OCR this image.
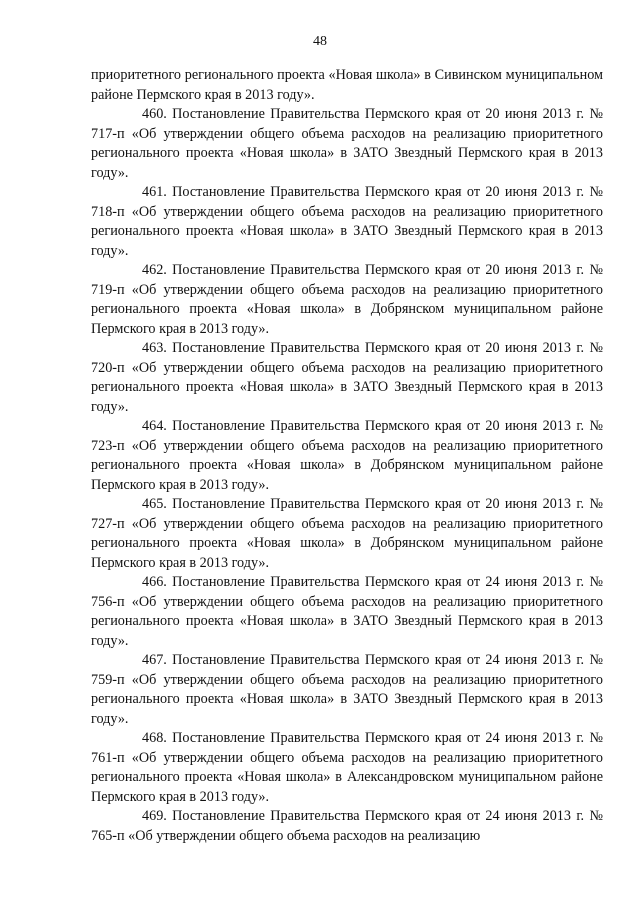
48

приоритетного регионального проекта «Новая школа» в Сивинском муниципальном районе Пермского края в 2013 году».

460. Постановление Правительства Пермского края от 20 июня 2013 г. № 717-п «Об утверждении общего объема расходов на реализацию приоритетного регионального проекта «Новая школа» в ЗАТО Звездный Пермского края в 2013 году».

461. Постановление Правительства Пермского края от 20 июня 2013 г. № 718-п «Об утверждении общего объема расходов на реализацию приоритетного регионального проекта «Новая школа» в ЗАТО Звездный Пермского края в 2013 году».

462. Постановление Правительства Пермского края от 20 июня 2013 г. № 719-п «Об утверждении общего объема расходов на реализацию приоритетного регионального проекта «Новая школа» в Добрянском муниципальном районе Пермского края в 2013 году».

463. Постановление Правительства Пермского края от 20 июня 2013 г. № 720-п «Об утверждении общего объема расходов на реализацию приоритетного регионального проекта «Новая школа» в ЗАТО Звездный Пермского края в 2013 году».

464. Постановление Правительства Пермского края от 20 июня 2013 г. № 723-п «Об утверждении общего объема расходов на реализацию приоритетного регионального проекта «Новая школа» в Добрянском муниципальном районе Пермского края в 2013 году».

465. Постановление Правительства Пермского края от 20 июня 2013 г. № 727-п «Об утверждении общего объема расходов на реализацию приоритетного регионального проекта «Новая школа» в Добрянском муниципальном районе Пермского края в 2013 году».

466. Постановление Правительства Пермского края от 24 июня 2013 г. № 756-п «Об утверждении общего объема расходов на реализацию приоритетного регионального проекта «Новая школа» в ЗАТО Звездный Пермского края в 2013 году».

467. Постановление Правительства Пермского края от 24 июня 2013 г. № 759-п «Об утверждении общего объема расходов на реализацию приоритетного регионального проекта «Новая школа» в ЗАТО Звездный Пермского края в 2013 году».

468. Постановление Правительства Пермского края от 24 июня 2013 г. № 761-п «Об утверждении общего объема расходов на реализацию приоритетного регионального проекта «Новая школа» в Александровском муниципальном районе Пермского края в 2013 году».

469. Постановление Правительства Пермского края от 24 июня 2013 г. № 765-п «Об утверждении общего объема расходов на реализацию
